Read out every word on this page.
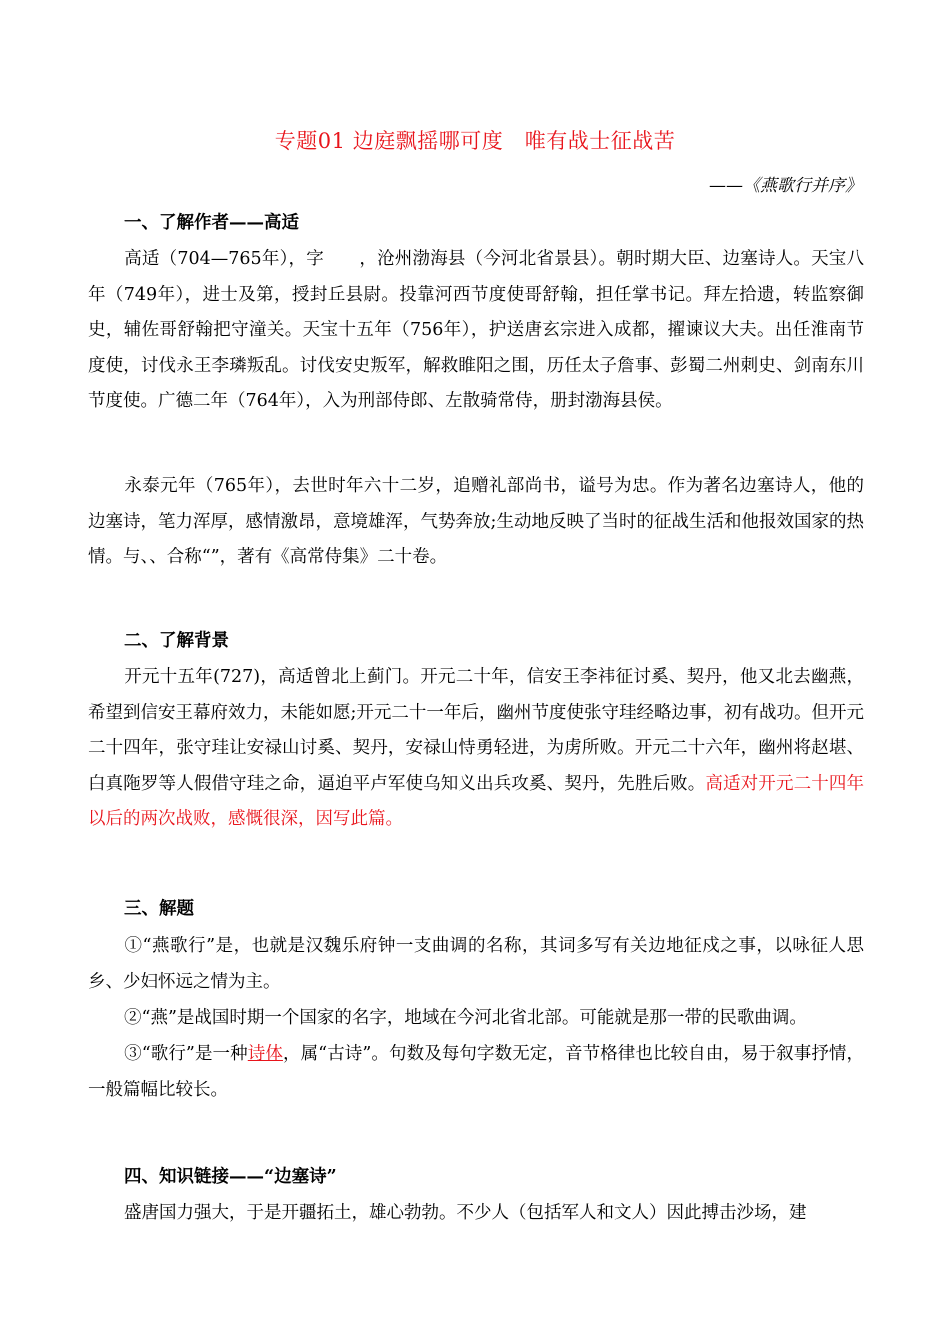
专题01 边庭飘摇哪可度　唯有战士征战苦
——《燕歌行并序》
一、了解作者——高适
高适（704—765年），字　　，沧州渤海县（今河北省景县）。朝时期大臣、边塞诗人。天宝八年（749年），进士及第，授封丘县尉。投靠河西节度使哥舒翰，担任掌书记。拜左拾遗，转监察御史，辅佐哥舒翰把守潼关。天宝十五年（756年），护送唐玄宗进入成都，擢谏议大夫。出任淮南节度使，讨伐永王李璘叛乱。讨伐安史叛军，解救睢阳之围，历任太子詹事、彭蜀二州刺史、剑南东川节度使。广德二年（764年），入为刑部侍郎、左散骑常侍，册封渤海县侯。
永泰元年（765年），去世时年六十二岁，追赠礼部尚书，谥号为忠。作为著名边塞诗人，他的边塞诗，笔力浑厚，感情激昂，意境雄浑，气势奔放;生动地反映了当时的征战生活和他报效国家的热情。与、、合称“”，著有《高常侍集》二十卷。
二、了解背景
开元十五年(727)，高适曾北上蓟门。开元二十年，信安王李祎征讨奚、契丹，他又北去幽燕，希望到信安王幕府效力，未能如愿;开元二十一年后，幽州节度使张守珪经略边事，初有战功。但开元二十四年，张守珪让安禄山讨奚、契丹，安禄山恃勇轻进，为虏所败。开元二十六年，幽州将赵堪、白真陁罗等人假借守珪之命，逼迫平卢军使乌知义出兵攻奚、契丹，先胜后败。高适对开元二十四年以后的两次战败，感慨很深，因写此篇。
三、解题
①“燕歌行”是，也就是汉魏乐府钟一支曲调的名称，其词多写有关边地征戍之事，以咏征人思乡、少妇怀远之情为主。
②“燕”是战国时期一个国家的名字，地域在今河北省北部。可能就是那一带的民歌曲调。
③“歌行”是一种诗体，属“古诗”。句数及每句字数无定，音节格律也比较自由，易于叙事抒情，一般篇幅比较长。
四、知识链接——“边塞诗”
盛唐国力强大，于是开疆拓土，雄心勃勃。不少人（包括军人和文人）因此搏击沙场，建
